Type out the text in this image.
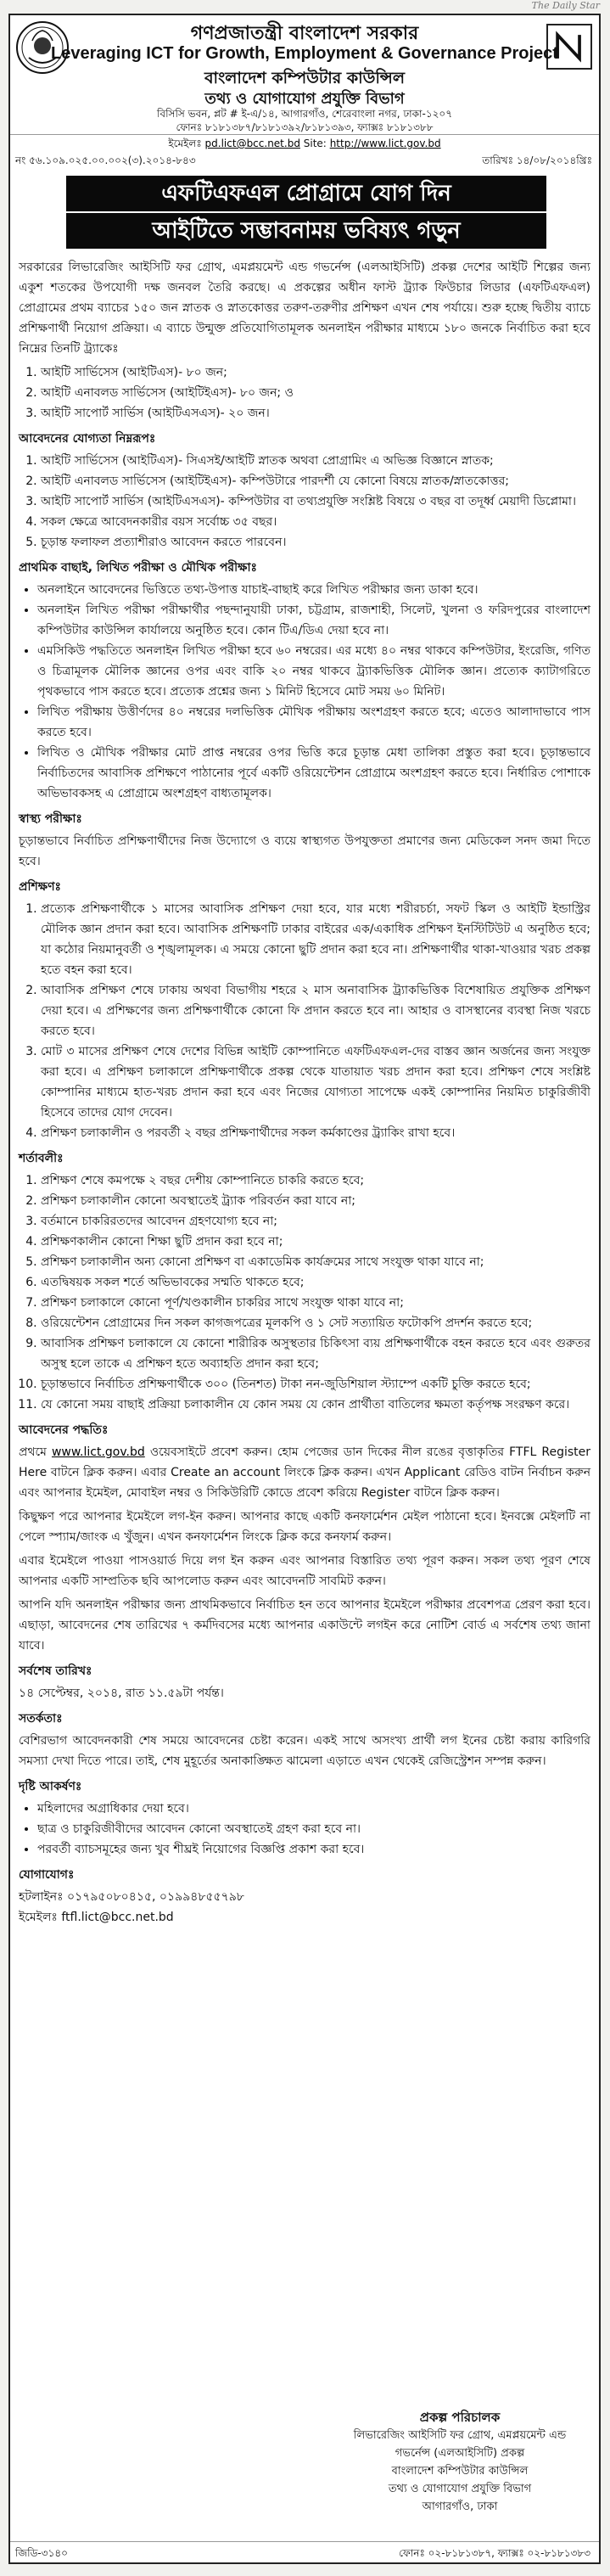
The Daily Star
গণপ্রজাতন্ত্রী বাংলাদেশ সরকার
Leveraging ICT for Growth, Employment & Governance Project
বাংলাদেশ কম্পিউটার কাউন্সিল
তথ্য ও যোগাযোগ প্রযুক্তি বিভাগ
বিসিসি ভবন, প্লট # ই-এ/১৪, আগারগাঁও, শেরেবাংলা নগর, ঢাকা-১২০৭
ফোনঃ ৮১৮১৩৮৭/৮১৮১৩৯২/৮১৮১৩৯৩, ফ্যাক্সঃ ৮১৮১৩৮৮
ইমেইলঃ pd.lict@bcc.net.bd Site: http://www.lict.gov.bd
নং ৫৬.১০৯.০২৫.০০.০০২(৩).২০১৪-৮৪৩	তারিখঃ ১৪/০৮/২০১৪খ্রিঃ
এফটিএফএল প্রোগ্রামে যোগ দিন
আইটিতে সম্ভাবনাময় ভবিষ্যৎ গড়ুন

সরকারের লিভারেজিং আইসিটি ফর গ্রোথ, এমপ্লয়মেন্ট এন্ড গভর্নেন্স (এলআইসিটি) প্রকল্প দেশের আইটি শিল্পের জন্য একুশ শতকের উপযোগী দক্ষ জনবল তৈরি করছে। এ প্রকল্পের অধীন ফাস্ট ট্র্যাক ফিউচার লিডার (এফটিএফএল) প্রোগ্রামের প্রথম ব্যাচের ১৫০ জন স্নাতক ও স্নাতকোত্তর তরুণ-তরুণীর প্রশিক্ষণ এখন শেষ পর্যায়ে। শুরু হচ্ছে দ্বিতীয় ব্যাচে প্রশিক্ষণার্থী নিয়োগ প্রক্রিয়া। এ ব্যাচে উন্মুক্ত প্রতিযোগিতামূলক অনলাইন পরীক্ষার মাধ্যমে ১৮০ জনকে নির্বাচিত করা হবে নিম্নের তিনটি ট্র্যাকেঃ

1. আইটি সার্ভিসেস (আইটিএস)- ৮০ জন;
2. আইটি এনাবলড সার্ভিসেস (আইটিইএস)- ৮০ জন; ও
3. আইটি সাপোর্ট সার্ভিস (আইটিএসএস)- ২০ জন।
আবেদনের যোগ্যতা নিম্নরূপঃ
1. আইটি সার্ভিসেস (আইটিএস)- সিএসই/আইটি স্নাতক অথবা প্রোগ্রামিং এ অভিজ্ঞ বিজ্ঞানে স্নাতক;
2. আইটি এনাবলড সার্ভিসেস (আইটিইএস)- কম্পিউটারে পারদর্শী যে কোনো বিষয়ে স্নাতক/স্নাতকোত্তর;
3. আইটি সাপোর্ট সার্ভিস (আইটিএসএস)- কম্পিউটার বা তথ্যপ্রযুক্তি সংশ্লিষ্ট বিষয়ে ৩ বছর বা তদূর্ধ্ব মেয়াদী ডিপ্লোমা।
4. সকল ক্ষেত্রে আবেদনকারীর বয়স সর্বোচ্চ ৩৫ বছর।
5. চূড়ান্ত ফলাফল প্রত্যাশীরাও আবেদন করতে পারবেন।
প্রাথমিক বাছাই, লিখিত পরীক্ষা ও মৌখিক পরীক্ষাঃ
• অনলাইনে আবেদনের ভিত্তিতে তথ্য-উপাত্ত যাচাই-বাছাই করে লিখিত পরীক্ষার জন্য ডাকা হবে।
• অনলাইন লিখিত পরীক্ষা পরীক্ষার্থীর পছন্দানুযায়ী ঢাকা, চট্টগ্রাম, রাজশাহী, সিলেট, খুলনা ও ফরিদপুরের বাংলাদেশ কম্পিউটার কাউন্সিল কার্যালয়ে অনুষ্ঠিত হবে। কোন টিএ/ডিএ দেয়া হবে না।
• এমসিকিউ পদ্ধতিতে অনলাইন লিখিত পরীক্ষা হবে ৬০ নম্বরের। এর মধ্যে ৪০ নম্বর থাকবে কম্পিউটার, ইংরেজি, গণিত ও চিত্রামূলক মৌলিক জ্ঞানের ওপর এবং বাকি ২০ নম্বর থাকবে ট্র্যাকভিত্তিক মৌলিক জ্ঞান। প্রত্যেক ক্যাটাগরিতে পৃথকভাবে পাস করতে হবে। প্রত্যেক প্রশ্নের জন্য ১ মিনিট হিসেবে মোট সময় ৬০ মিনিট।
• লিখিত পরীক্ষায় উত্তীর্ণদের ৪০ নম্বরের দলভিত্তিক মৌখিক পরীক্ষায় অংশগ্রহণ করতে হবে; এতেও আলাদাভাবে পাস করতে হবে।
• লিখিত ও মৌখিক পরীক্ষার মোট প্রাপ্ত নম্বরের ওপর ভিত্তি করে চূড়ান্ত মেধা তালিকা প্রস্তুত করা হবে। চূড়ান্তভাবে নির্বাচিতদের আবাসিক প্রশিক্ষণে পাঠানোর পূর্বে একটি ওরিয়েন্টেশন প্রোগ্রামে অংশগ্রহণ করতে হবে। নির্ধারিত পোশাকে অভিভাবকসহ এ প্রোগ্রামে অংশগ্রহণ বাধ্যতামূলক।
স্বাস্থ্য পরীক্ষাঃ

চূড়ান্তভাবে নির্বাচিত প্রশিক্ষণার্থীদের নিজ উদ্যোগে ও ব্যয়ে স্বাস্থ্যগত উপযুক্ততা প্রমাণের জন্য মেডিকেল সনদ জমা দিতে হবে।

প্রশিক্ষণঃ
1. প্রত্যেক প্রশিক্ষণার্থীকে ১ মাসের আবাসিক প্রশিক্ষণ দেয়া হবে, যার মধ্যে শরীরচর্চা, সফট স্কিল ও আইটি ইন্ডাস্ট্রির মৌলিক জ্ঞান প্রদান করা হবে। আবাসিক প্রশিক্ষণটি ঢাকার বাইরের এক/একাধিক প্রশিক্ষণ ইনস্টিটিউট এ অনুষ্ঠিত হবে; যা কঠোর নিয়মানুবর্তী ও শৃঙ্খলামূলক। এ সময়ে কোনো ছুটি প্রদান করা হবে না। প্রশিক্ষণার্থীর থাকা-খাওয়ার খরচ প্রকল্প হতে বহন করা হবে।
2. আবাসিক প্রশিক্ষণ শেষে ঢাকায় অথবা বিভাগীয় শহরে ২ মাস অনাবাসিক ট্র্যাকভিত্তিক বিশেষায়িত প্রযুক্তিক প্রশিক্ষণ দেয়া হবে। এ প্রশিক্ষণের জন্য প্রশিক্ষণার্থীকে কোনো ফি প্রদান করতে হবে না। আহার ও বাসস্থানের ব্যবস্থা নিজ খরচে করতে হবে।
3. মোট ৩ মাসের প্রশিক্ষণ শেষে দেশের বিভিন্ন আইটি কোম্পানিতে এফটিএফএল-দের বাস্তব জ্ঞান অর্জনের জন্য সংযুক্ত করা হবে। এ প্রশিক্ষণ চলাকালে প্রশিক্ষণার্থীকে প্রকল্প থেকে যাতায়াত খরচ প্রদান করা হবে। প্রশিক্ষণ শেষে সংশ্লিষ্ট কোম্পানির মাধ্যমে হাত-খরচ প্রদান করা হবে এবং নিজের যোগ্যতা সাপেক্ষে একই কোম্পানির নিয়মিত চাকুরিজীবী হিসেবে তাদের যোগ দেবেন।
4. প্রশিক্ষণ চলাকালীন ও পরবর্তী ২ বছর প্রশিক্ষণার্থীদের সকল কর্মকাণ্ডের ট্র্যাকিং রাখা হবে।
শর্তাবলীঃ
1. প্রশিক্ষণ শেষে কমপক্ষে ২ বছর দেশীয় কোম্পানিতে চাকরি করতে হবে;
2. প্রশিক্ষণ চলাকালীন কোনো অবস্থাতেই ট্র্যাক পরিবর্তন করা যাবে না;
3. বর্তমানে চাকরিরতদের আবেদন গ্রহণযোগ্য হবে না;
4. প্রশিক্ষণকালীন কোনো শিক্ষা ছুটি প্রদান করা হবে না;
5. প্রশিক্ষণ চলাকালীন অন্য কোনো প্রশিক্ষণ বা একাডেমিক কার্যক্রমের সাথে সংযুক্ত থাকা যাবে না;
6. এতদ্বিষয়ক সকল শর্তে অভিভাবকের সম্মতি থাকতে হবে;
7. প্রশিক্ষণ চলাকালে কোনো পূর্ণ/খণ্ডকালীন চাকরির সাথে সংযুক্ত থাকা যাবে না;
8. ওরিয়েন্টেশন প্রোগ্রামের দিন সকল কাগজপত্রের মূলকপি ও ১ সেট সত্যায়িত ফটোকপি প্রদর্শন করতে হবে;
9. আবাসিক প্রশিক্ষণ চলাকালে যে কোনো শারীরিক অসুস্থতার চিকিৎসা ব্যয় প্রশিক্ষণার্থীকে বহন করতে হবে এবং গুরুতর অসুস্থ হলে তাকে এ প্রশিক্ষণ হতে অব্যাহতি প্রদান করা হবে;
10. চূড়ান্তভাবে নির্বাচিত প্রশিক্ষণার্থীকে ৩০০ (তিনশত) টাকা নন-জুডিশিয়াল স্ট্যাম্পে একটি চুক্তি করতে হবে;
11. যে কোনো সময় বাছাই প্রক্রিয়া চলাকালীন যে কোন সময় যে কোন প্রার্থীতা বাতিলের ক্ষমতা কর্তৃপক্ষ সংরক্ষণ করে।
আবেদনের পদ্ধতিঃ

প্রথমে www.lict.gov.bd ওয়েবসাইটে প্রবেশ করুন। হোম পেজের ডান দিকের নীল রঙের বৃত্তাকৃতির FTFL Register Here বাটনে ক্লিক করুন। এবার Create an account লিংকে ক্লিক করুন। এখন Applicant রেডিও বাটন নির্বাচন করুন এবং আপনার ইমেইল, মোবাইল নম্বর ও সিকিউরিটি কোডে প্রবেশ করিয়ে Register বাটনে ক্লিক করুন।

কিছুক্ষণ পরে আপনার ইমেইলে লগ-ইন করুন। আপনার কাছে একটি কনফার্মেশন মেইল পাঠানো হবে। ইনবক্সে মেইলটি না পেলে স্প্যাম/জাংক এ খুঁজুন। এখন কনফার্মেশন লিংকে ক্লিক করে কনফার্ম করুন।

এবার ইমেইলে পাওয়া পাসওয়ার্ড দিয়ে লগ ইন করুন এবং আপনার বিস্তারিত তথ্য পূরণ করুন। সকল তথ্য পূরণ শেষে আপনার একটি সাম্প্রতিক ছবি আপলোড করুন এবং আবেদনটি সাবমিট করুন।

আপনি যদি অনলাইন পরীক্ষার জন্য প্রাথমিকভাবে নির্বাচিত হন তবে আপনার ইমেইলে পরীক্ষার প্রবেশপত্র প্রেরণ করা হবে। এছাড়া, আবেদনের শেষ তারিখের ৭ কর্মদিবসের মধ্যে আপনার একাউন্টে লগইন করে নোটিশ বোর্ড এ সর্বশেষ তথ্য জানা যাবে।

সর্বশেষ তারিখঃ

১৪ সেপ্টেম্বর, ২০১৪, রাত ১১.৫৯টা পর্যন্ত।

সতর্কতাঃ

বেশিরভাগ আবেদনকারী শেষ সময়ে আবেদনের চেষ্টা করেন। একই সাথে অসংখ্য প্রার্থী লগ ইনের চেষ্টা করায় কারিগরি সমস্যা দেখা দিতে পারে। তাই, শেষ মুহূর্তের অনাকাঙ্ক্ষিত ঝামেলা এড়াতে এখন থেকেই রেজিস্ট্রেশন সম্পন্ন করুন।

দৃষ্টি আকর্ষণঃ
• মহিলাদের অগ্রাধিকার দেয়া হবে।
• ছাত্র ও চাকুরিজীবীদের আবেদন কোনো অবস্থাতেই গ্রহণ করা হবে না।
• পরবর্তী ব্যাচসমূহের জন্য খুব শীঘ্রই নিয়োগের বিজ্ঞপ্তি প্রকাশ করা হবে।
যোগাযোগঃ
হটলাইনঃ ০১৭৯৫০৮০৪১৫, ০১৯৯৪৮৫৫৭৯৮
ইমেইলঃ ftfl.lict@bcc.net.bd
প্রকল্প পরিচালক
লিভারেজিং আইসিটি ফর গ্রোথ, এমপ্লয়মেন্ট এন্ড
গভর্নেন্স (এলআইসিটি) প্রকল্প
বাংলাদেশ কম্পিউটার কাউন্সিল
তথ্য ও যোগাযোগ প্রযুক্তি বিভাগ
আগারগাঁও, ঢাকা
জিডি-৩১৪০	ফোনঃ ০২-৮১৮১৩৮৭, ফ্যাক্সঃ ০২-৮১৮১৩৮৩
